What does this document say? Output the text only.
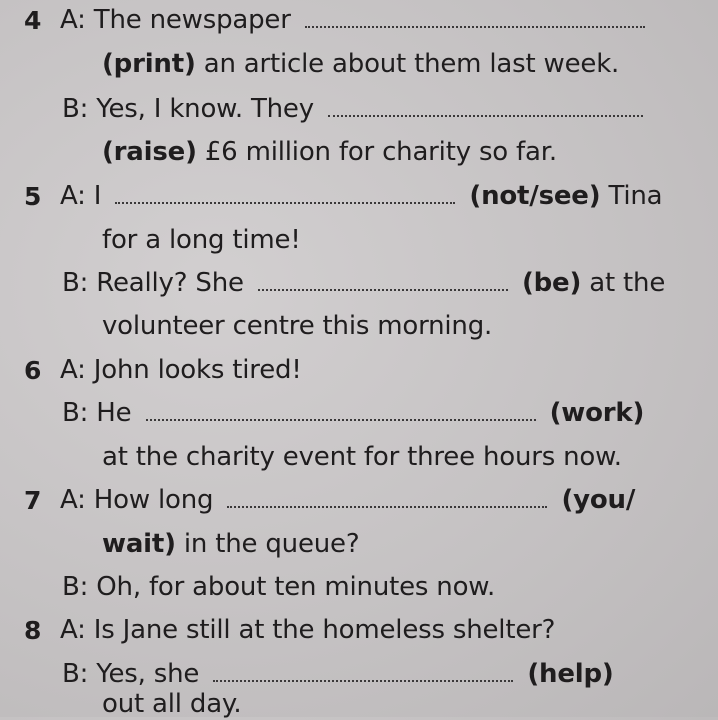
4 A: The newspaper
(print) an article about them last week.
B: Yes, I know. They
(raise) £6 million for charity so far.
5 A: I	(not/see) Tina
for a long time!
B: Really? She	(be) at the
volunteer centre this morning.
6 A: John looks tired!
B: He	(work)
at the charity event for three hours now.
7 A: How long	(you/
wait) in the queue?
B: Oh, for about ten minutes now.
8 A: Is Jane still at the homeless shelter?
B: Yes, she	(help)
out all day.
